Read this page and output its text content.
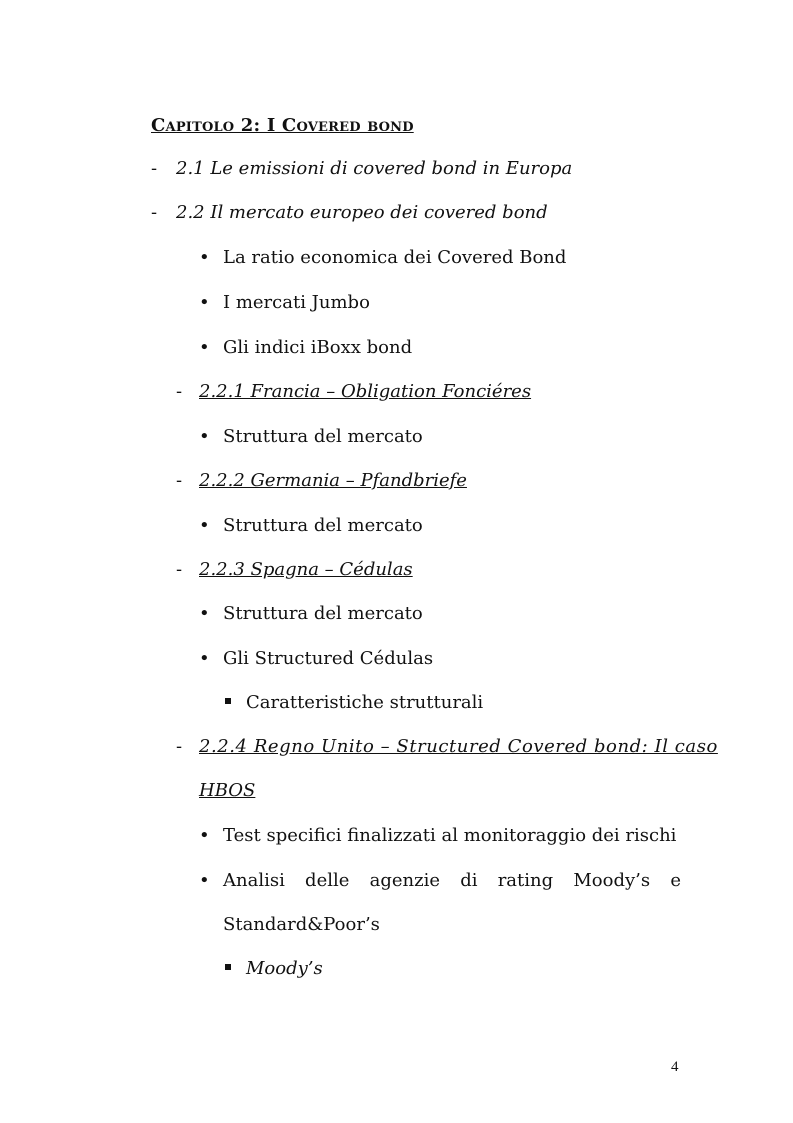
Capitolo 2: I Covered bond
- 2.1 Le emissioni di covered bond in Europa
- 2.2 Il mercato europeo dei covered bond
• La ratio economica dei Covered Bond
• I mercati Jumbo
• Gli indici iBoxx bond
- 2.2.1 Francia – Obligation Fonciéres
• Struttura del mercato
- 2.2.2 Germania – Pfandbriefe
• Struttura del mercato
- 2.2.3 Spagna – Cédulas
• Struttura del mercato
• Gli Structured Cédulas
Caratteristiche strutturali
- 2.2.4 Regno Unito – Structured Covered bond: Il caso
HBOS
• Test specifici finalizzati al monitoraggio dei rischi
• Analisi delle agenzie di rating Moody’s e
Standard&Poor’s
Moody’s
4
